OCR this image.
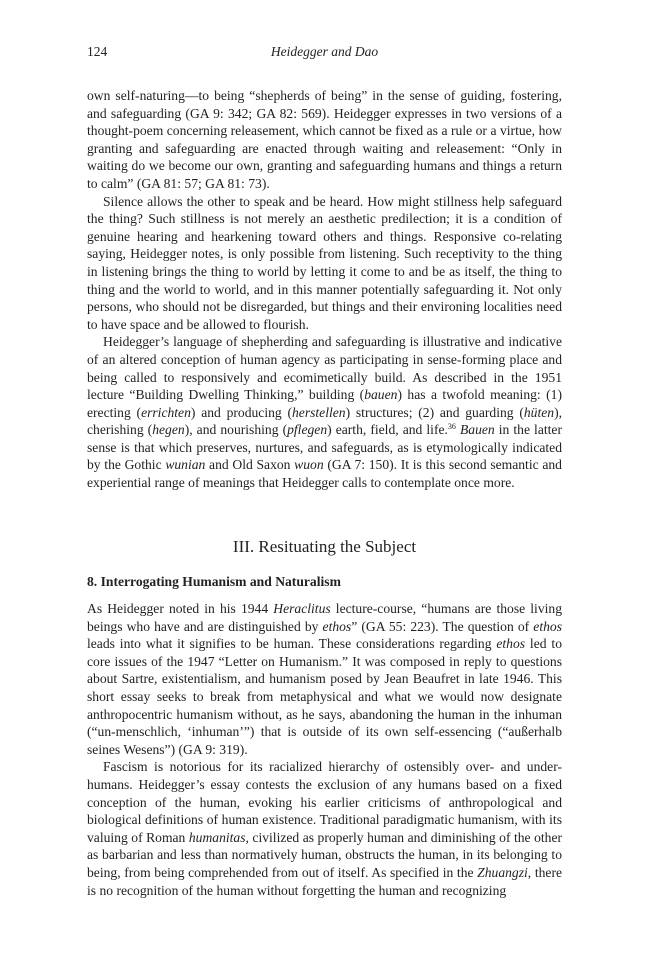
124	Heidegger and Dao

own self-naturing—to being “shepherds of being” in the sense of guiding, fostering, and safeguarding (GA 9: 342; GA 82: 569). Heidegger expresses in two versions of a thought-poem concerning releasement, which cannot be fixed as a rule or a virtue, how granting and safeguarding are enacted through waiting and releasement: “Only in waiting do we become our own, granting and safeguarding humans and things a return to calm” (GA 81: 57; GA 81: 73).

Silence allows the other to speak and be heard. How might stillness help safeguard the thing? Such stillness is not merely an aesthetic predilection; it is a condition of genuine hearing and hearkening toward others and things. Responsive co-relating saying, Heidegger notes, is only possible from listening. Such receptivity to the thing in listening brings the thing to world by letting it come to and be as itself, the thing to thing and the world to world, and in this manner potentially safeguarding it. Not only persons, who should not be disregarded, but things and their environing localities need to have space and be allowed to flourish.

Heidegger’s language of shepherding and safeguarding is illustrative and indicative of an altered conception of human agency as participating in sense-forming place and being called to responsively and ecomimetically build. As described in the 1951 lecture “Building Dwelling Thinking,” building (bauen) has a twofold meaning: (1) erecting (errichten) and producing (herstellen) structures; (2) and guarding (hüten), cherishing (hegen), and nourishing (pflegen) earth, field, and life.$^{36}$ Bauen in the latter sense is that which preserves, nurtures, and safeguards, as is etymologically indicated by the Gothic wunian and Old Saxon wuon (GA 7: 150). It is this second semantic and experiential range of meanings that Heidegger calls to contemplate once more.

III. Resituating the Subject
8. Interrogating Humanism and Naturalism

As Heidegger noted in his 1944 Heraclitus lecture-course, “humans are those living beings who have and are distinguished by ethos” (GA 55: 223). The question of ethos leads into what it signifies to be human. These considerations regarding ethos led to core issues of the 1947 “Letter on Humanism.” It was composed in reply to questions about Sartre, existentialism, and humanism posed by Jean Beaufret in late 1946. This short essay seeks to break from metaphysical and what we would now designate anthropocentric humanism without, as he says, abandoning the human in the inhuman (“un-menschlich, ‘inhuman’”) that is outside of its own self-essencing (“außerhalb seines Wesens”) (GA 9: 319).

Fascism is notorious for its racialized hierarchy of ostensibly over- and under-humans. Heidegger’s essay contests the exclusion of any humans based on a fixed conception of the human, evoking his earlier criticisms of anthropological and biological definitions of human existence. Traditional paradigmatic humanism, with its valuing of Roman humanitas, civilized as properly human and diminishing of the other as barbarian and less than normatively human, obstructs the human, in its belonging to being, from being comprehended from out of itself. As specified in the Zhuangzi, there is no recognition of the human without forgetting the human and recognizing
